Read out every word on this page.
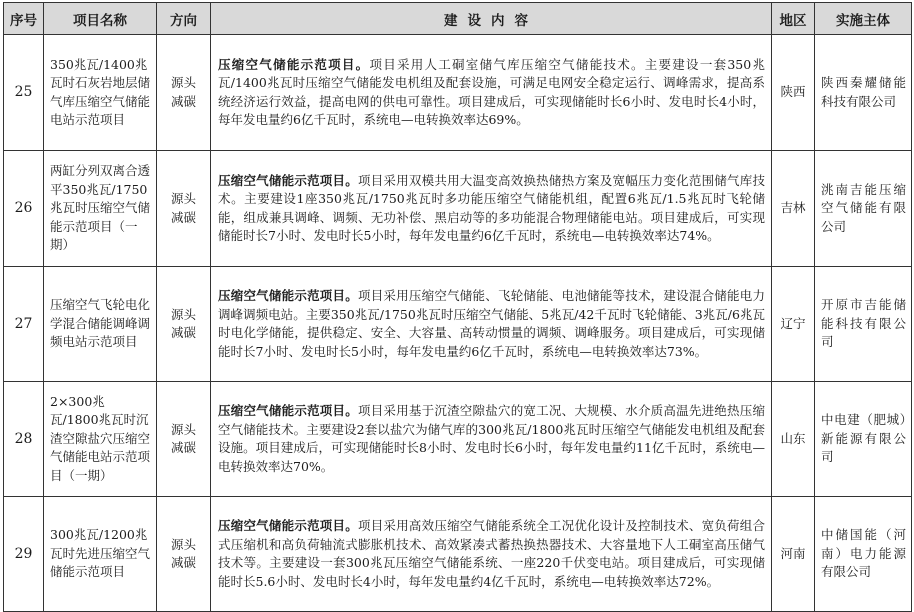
序号	项目名称	方向	建设内容	地区	实施主体
25	350兆瓦/1400兆瓦时石灰岩地层储气库压缩空气储能电站示范项目	源头减碳	压缩空气储能示范项目。项目采用人工硐室储气库压缩空气储能技术。主要建设一套350兆瓦/1400兆瓦时压缩空气储能发电机组及配套设施，可满足电网安全稳定运行、调峰需求，提高系统经济运行效益，提高电网的供电可靠性。项目建成后，可实现储能时长6小时、发电时长4小时，每年发电量约6亿千瓦时，系统电—电转换效率达69%。	陕西	陕西秦耀储能科技有限公司
26	两缸分列双离合透平350兆瓦/1750兆瓦时压缩空气储能示范项目（一期）	源头减碳	压缩空气储能示范项目。项目采用双模共用大温变高效换热储热方案及宽幅压力变化范围储气库技术。主要建设1座350兆瓦/1750兆瓦时多功能压缩空气储能机组，配置6兆瓦/1.5兆瓦时飞轮储能，组成兼具调峰、调频、无功补偿、黑启动等的多功能混合物理储能电站。项目建成后，可实现储能时长7小时、发电时长5小时，每年发电量约6亿千瓦时，系统电—电转换效率达74%。	吉林	洮南吉能压缩空气储能有限公司
27	压缩空气飞轮电化学混合储能调峰调频电站示范项目	源头减碳	压缩空气储能示范项目。项目采用压缩空气储能、飞轮储能、电池储能等技术，建设混合储能电力调峰调频电站。主要350兆瓦/1750兆瓦时压缩空气储能、5兆瓦/42千瓦时飞轮储能、3兆瓦/6兆瓦时电化学储能，提供稳定、安全、大容量、高转动惯量的调频、调峰服务。项目建成后，可实现储能时长7小时、发电时长5小时，每年发电量约6亿千瓦时，系统电—电转换效率达73%。	辽宁	开原市吉能储能科技有限公司
28	2×300兆瓦/1800兆瓦时沉渣空隙盐穴压缩空气储能电站示范项目（一期）	源头减碳	压缩空气储能示范项目。项目采用基于沉渣空隙盐穴的宽工况、大规模、水介质高温先进绝热压缩空气储能技术。主要建设2套以盐穴为储气库的300兆瓦/1800兆瓦时压缩空气储能发电机组及配套设施。项目建成后，可实现储能时长8小时、发电时长6小时，每年发电量约11亿千瓦时，系统电—电转换效率达70%。	山东	中电建（肥城）新能源有限公司
29	300兆瓦/1200兆瓦时先进压缩空气储能示范项目	源头减碳	压缩空气储能示范项目。项目采用高效压缩空气储能系统全工况优化设计及控制技术、宽负荷组合式压缩机和高负荷轴流式膨胀机技术、高效紧凑式蓄热换热器技术、大容量地下人工硐室高压储气技术等。主要建设一套300兆瓦压缩空气储能系统、一座220千伏变电站。项目建成后，可实现储能时长5.6小时、发电时长4小时，每年发电量约4亿千瓦时，系统电—电转换效率达72%。	河南	中储国能（河南）电力能源有限公司
